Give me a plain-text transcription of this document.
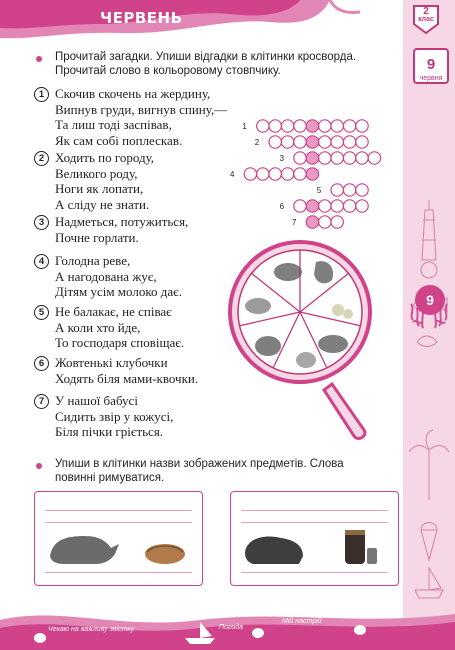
ЧЕРВЕНЬ	2
клас
9
червня
9
Прочитай загадки. Упиши відгадки в клітинки кросворда.
Прочитай слово в кольоровому стовпчику.
1 Скочив скочень на жердину,
Випнув груди, вигнув спину,—
Та лиш тоді заспівав,
Як сам собі поплескав.
2 Ходить по городу,
Великого роду,
Ноги як лопати,
А сліду не знати.
3 Надметься, потужиться,
Почне горлати.
4 Голодна реве,
А нагодована жує,
Дітям усім молоко дає.
5 Не балакає, не співає
А коли хто йде,
То господаря сповіщає.
6 Жовтенькі клубочки
Ходять біля мами-квочки.
7 У нашої бабусі
Сидить звір у кожусі,
Біля пічки гріється.
1
2
3
4
5
6
7
Упиши в клітинки назви зображених предметів. Слова
повинні римуватися.
Чекаю на важливу звістку	Погода
Мій настрій
